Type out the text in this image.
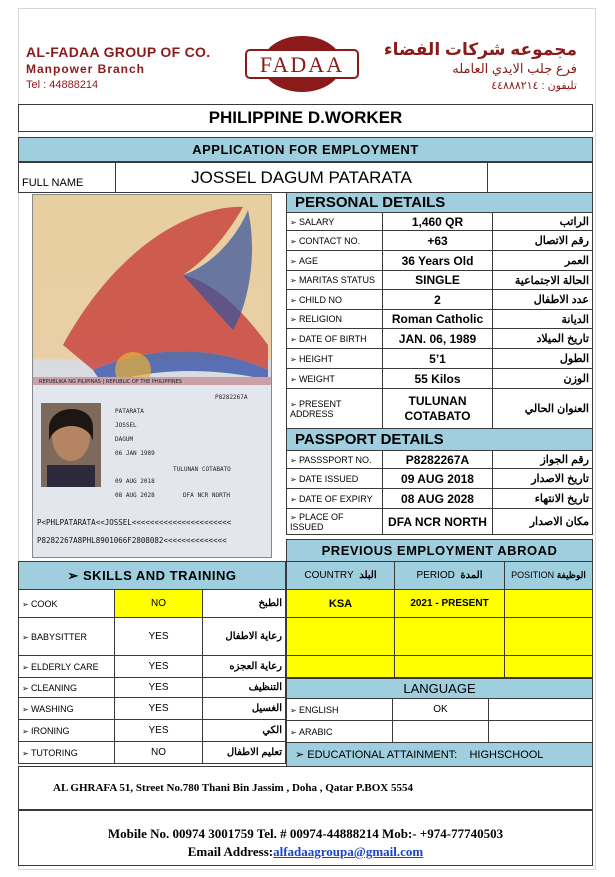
AL-FADAA GROUP OF CO.
Manpower Branch
Tel : 44888214
FADAA
مجموعه شركات الفضاء
فرع جلب الايدي العامله
تليفون : ٤٤٨٨٨٢١٤
PHILIPPINE D.WORKER
APPLICATION FOR EMPLOYMENT
FULL NAME	JOSSEL DAGUM PATARATA	
REPUBLIKA NG PILIPINAS | REPUBLIC OF THE PHILIPPINES
P8282267A
PATARATA
JOSSEL
DAGUM
06 JAN 1989
09 AUG 2018
08 AUG 2028
TULUNAN COTABATO
DFA NCR NORTH
P<PHLPATARATA<<JOSSEL<<<<<<<<<<<<<<<<<<<<<<
P8282267A8PHL8901066F2808082<<<<<<<<<<<<<<
PERSONAL DETAILS		
➢ SALARY	1,460 QR	الراتب
➢ CONTACT NO.	+63	رقم الاتصال
➢ AGE	36 Years Old	العمر
➢ MARITAS STATUS	SINGLE	الحالة الاجتماعية
➢ CHILD NO	2	عدد الاطفال
➢ RELIGION	Roman Catholic	الديانة
➢ DATE OF BIRTH	JAN. 06, 1989	تاريخ الميلاد
➢ HEIGHT	5’1	الطول
➢ WEIGHT	55 Kilos	الوزن
➢ PRESENT ADDRESS	TULUNAN
COTABATO	العنوان الحالي
PASSPORT DETAILS		
➢ PASSSPORT NO.	P8282267A	رقم الجواز
➢ DATE ISSUED	09 AUG 2018	تاريخ الاصدار
➢ DATE OF EXPIRY	08 AUG 2028	تاريخ الانتهاء
➢ PLACE OF ISSUED	DFA NCR NORTH	مكان الاصدار
PREVIOUS EMPLOYMENT ABROAD		
COUNTRY البلد	PERIOD المدة	POSITION الوظيفة
KSA	2021 - PRESENT	

➢ SKILLS AND TRAINING		
➢ COOK	NO	الطبخ
➢ BABYSITTER	YES	رعاية الاطفال
➢ ELDERLY CARE	YES	رعاية العجزه
➢ CLEANING	YES	التنظيف
➢ WASHING	YES	الغسيل
➢ IRONING	YES	الكي
➢ TUTORING	NO	تعليم الاطفال
LANGUAGE		
➢ ENGLISH	OK	
➢ ARABIC		
➢ EDUCATIONAL ATTAINMENT: HIGHSCHOOL		
AL GHRAFA 51, Street No.780 Thani Bin Jassim , Doha , Qatar P.BOX 5554
Mobile No. 00974 3001759 Tel. # 00974-44888214 Mob:- +974-77740503
Email Address:alfadaagroupa@gmail.com
